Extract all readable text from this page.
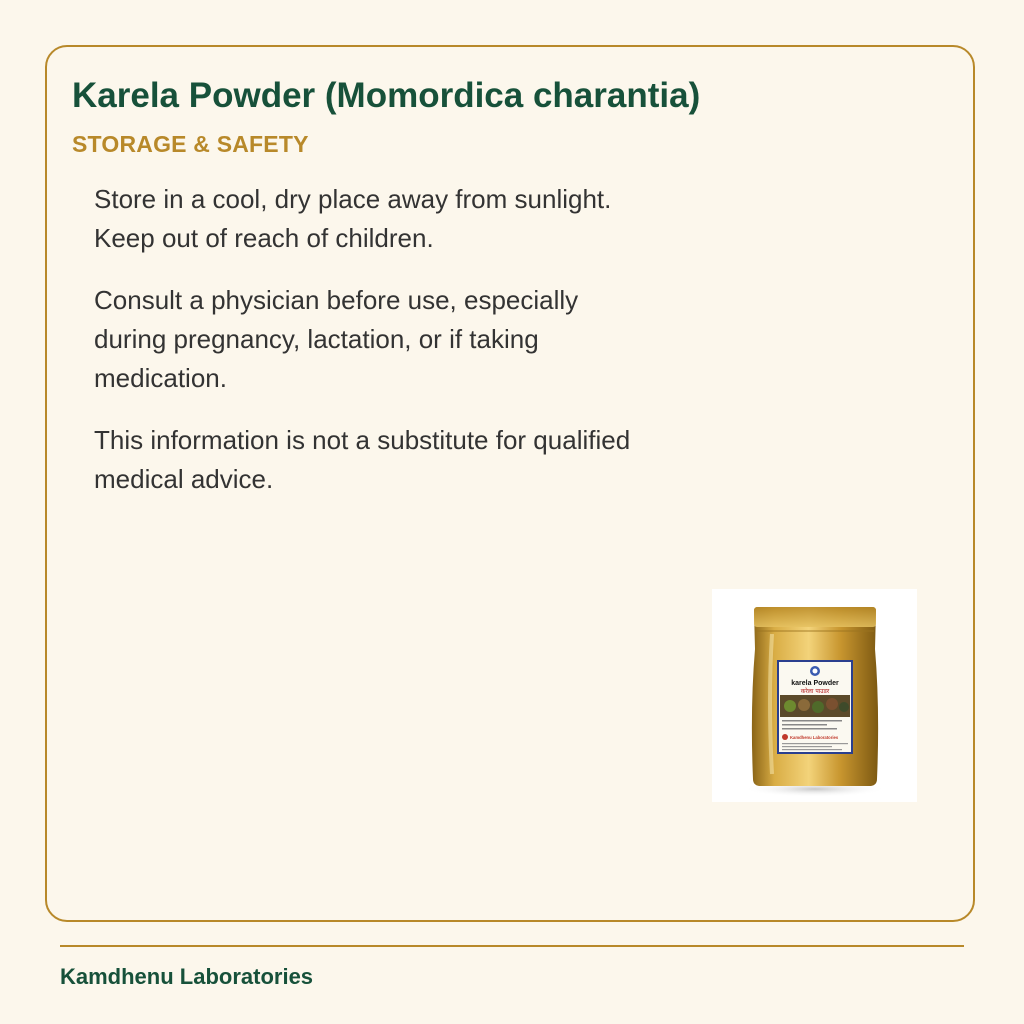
Karela Powder (Momordica charantia)
STORAGE & SAFETY

Store in a cool, dry place away from sunlight. Keep out of reach of children.

Consult a physician before use, especially during pregnancy, lactation, or if taking medication.

This information is not a substitute for qualified medical advice.

karela Powder
करेला पाउडर
Kamdhenu Laboratories

Kamdhenu Laboratories
